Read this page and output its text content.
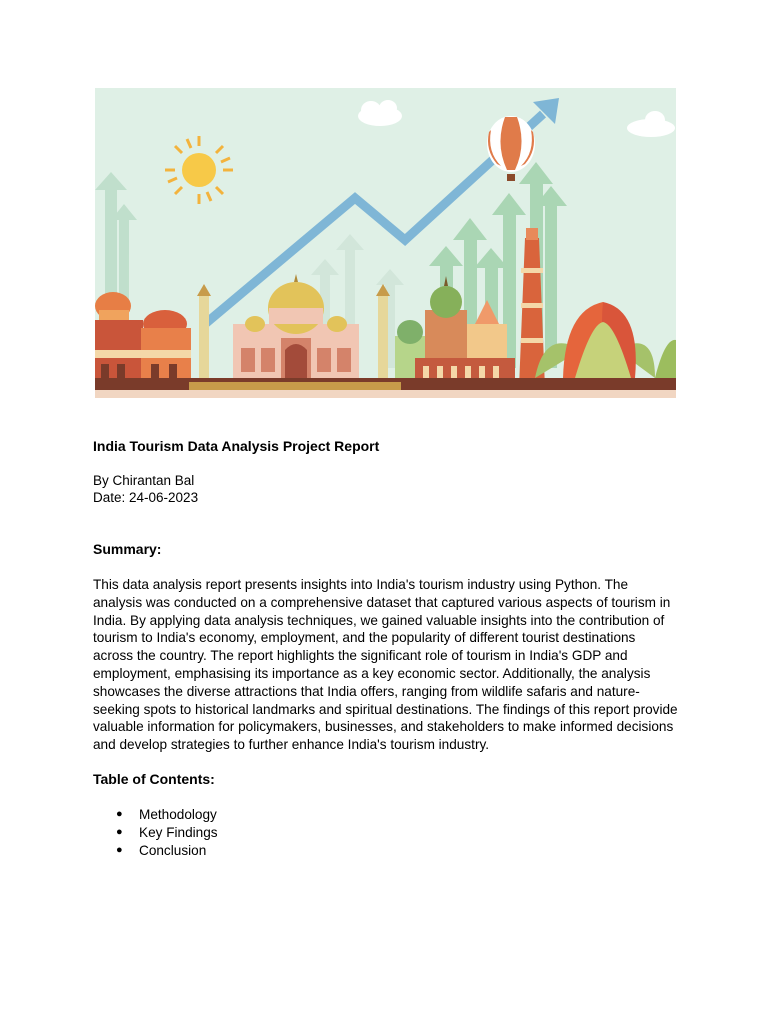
India Tourism Data Analysis Project Report
By Chirantan Bal
Date: 24-06-2023
Summary:

This data analysis report presents insights into India's tourism industry using Python. The analysis was conducted on a comprehensive dataset that captured various aspects of tourism in India. By applying data analysis techniques, we gained valuable insights into the contribution of tourism to India's economy, employment, and the popularity of different tourist destinations across the country. The report highlights the significant role of tourism in India's GDP and employment, emphasising its importance as a key economic sector. Additionally, the analysis showcases the diverse attractions that India offers, ranging from wildlife safaris and nature-seeking spots to historical landmarks and spiritual destinations. The findings of this report provide valuable information for policymakers, businesses, and stakeholders to make informed decisions and develop strategies to further enhance India's tourism industry.

Table of Contents:
● Methodology
● Key Findings
● Conclusion
